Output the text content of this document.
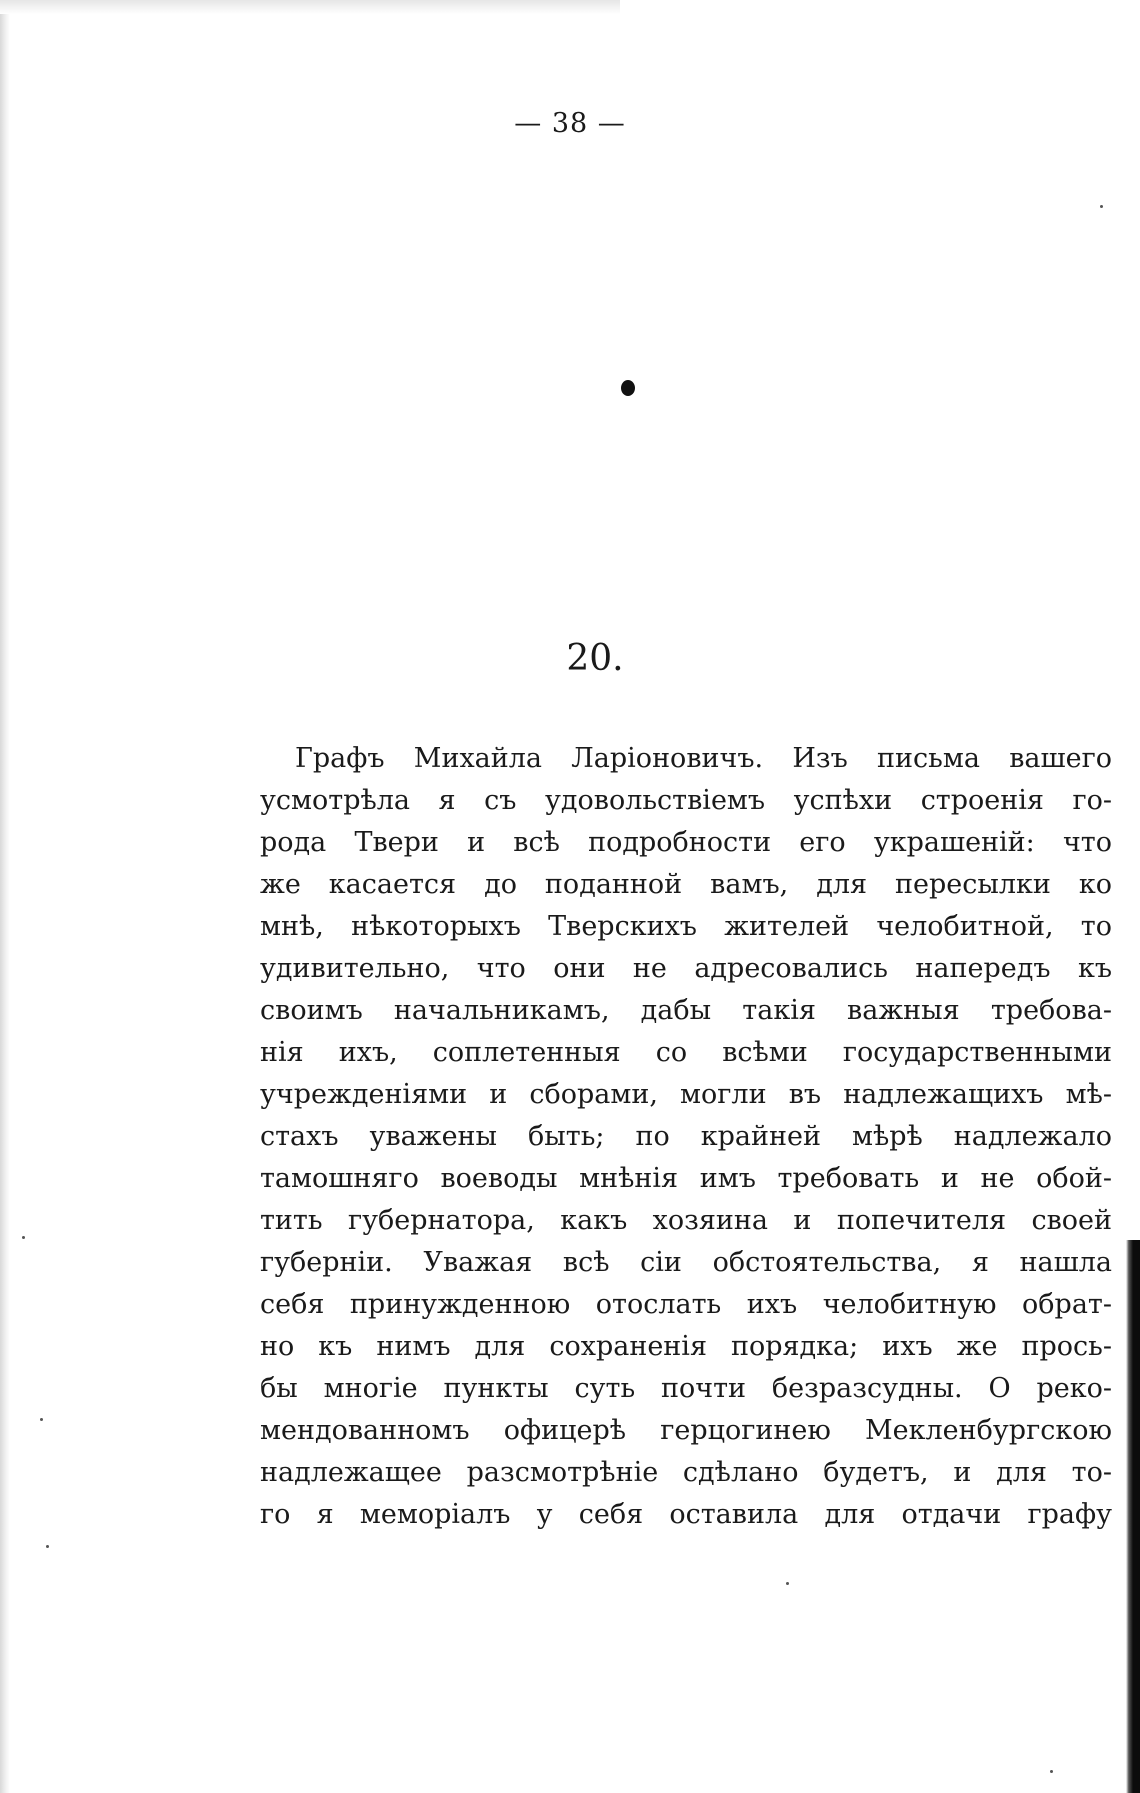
— 38 —
20.
Графъ Михайла Ларіоновичъ. Изъ письма вашего
усмотрѣла я съ удовольствіемъ успѣхи строенія го-
рода Твери и всѣ подробности его украшеній: что
же касается до поданной вамъ, для пересылки ко
мнѣ, нѣкоторыхъ Тверскихъ жителей челобитной, то
удивительно, что они не адресовались напередъ къ
своимъ начальникамъ, дабы такія важныя требова-
нія ихъ, соплетенныя со всѣми государственными
учрежденіями и сборами, могли въ надлежащихъ мѣ-
стахъ уважены быть; по крайней мѣрѣ надлежало
тамошняго воеводы мнѣнія имъ требовать и не обой-
тить губернатора, какъ хозяина и попечителя своей
губерніи. Уважая всѣ сіи обстоятельства, я нашла
себя принужденною отослать ихъ челобитную обрат-
но къ нимъ для сохраненія порядка; ихъ же прось-
бы многіе пункты суть почти безразсудны. О реко-
мендованномъ офицерѣ герцогинею Мекленбургскою
надлежащее разсмотрѣніе сдѣлано будетъ, и для то-
го я меморіалъ у себя оставила для отдачи графу
